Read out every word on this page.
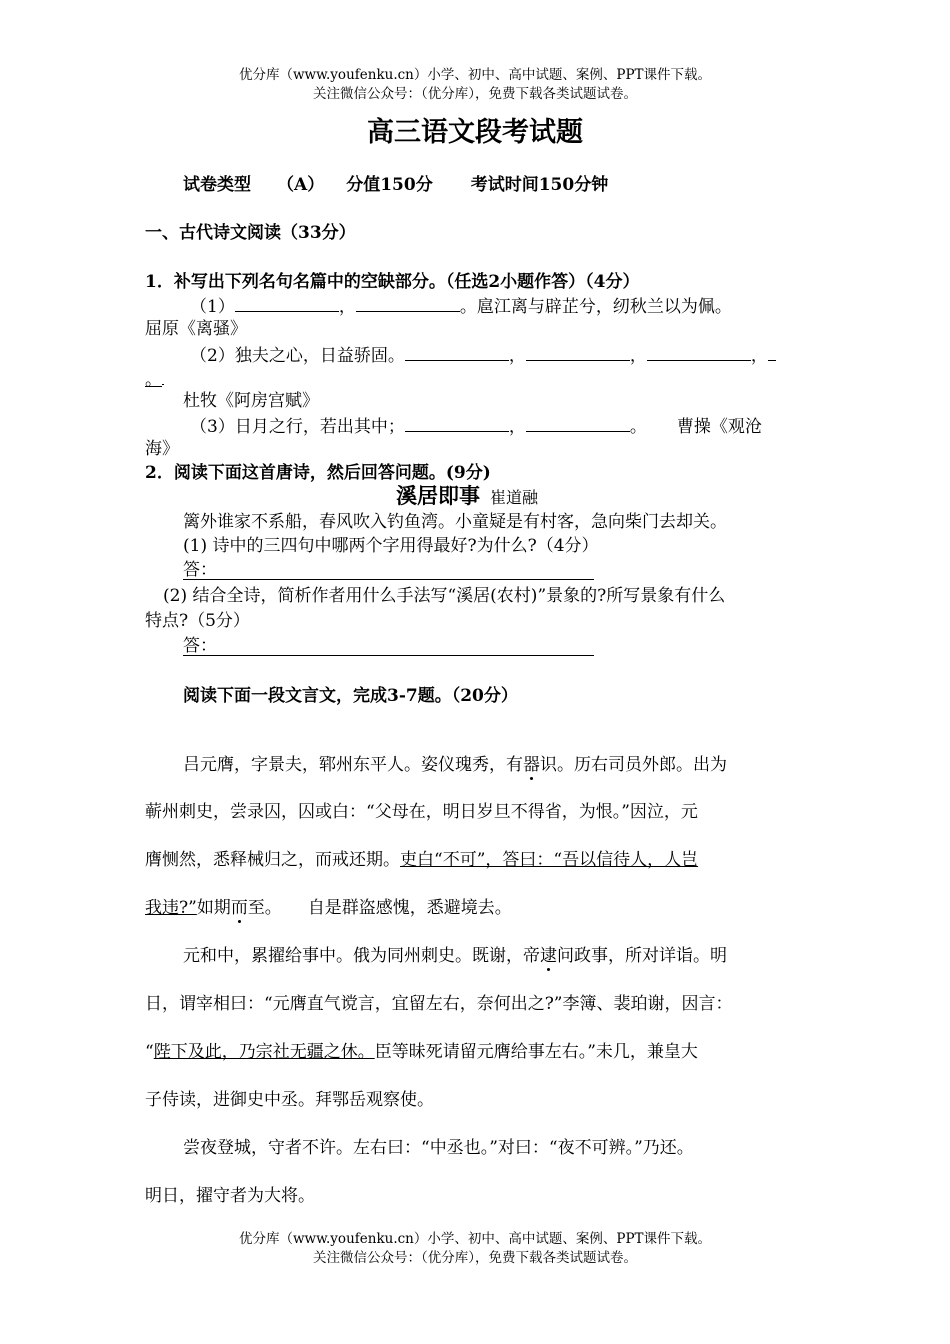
优分库（www.youfenku.cn）小学、初中、高中试题、案例、PPT课件下载。
关注微信公众号：（优分库），免费下载各类试题试卷。
高三语文段考试题
试卷类型 （A） 分值150分 考试时间150分钟
一、古代诗文阅读（33分）
1．补写出下列名句名篇中的空缺部分。（任选2小题作答）（4分）
（1）	，	。扈江离与辟芷兮，纫秋兰以为佩。
屈原《离骚》
（2）独夫之心，日益骄固。	，	，	，
。
杜牧《阿房宫赋》
（3）日月之行，若出其中；	，	。 曹操《观沧
海》
2．阅读下面这首唐诗，然后回答问题。(9分)
溪居即事 崔道融
篱外谁家不系船，春风吹入钓鱼湾。小童疑是有村客，急向柴门去却关。
(1) 诗中的三四句中哪两个字用得最好?为什么?（4分）
答：
(2) 结合全诗，简析作者用什么手法写“溪居(农村)”景象的?所写景象有什么
特点?（5分）
答：
阅读下面一段文言文，完成3-7题。（20分）
吕元膺，字景夫，郓州东平人。姿仪瑰秀，有器识。历右司员外郎。出为
蕲州刺史，尝录囚，囚或白：“父母在，明日岁旦不得省，为恨。”因泣，元
膺恻然，悉释械归之，而戒还期。吏白“不可”，答曰：“吾以信待人，人岂
我违?”如期而至。 自是群盗感愧，悉避境去。
元和中，累擢给事中。俄为同州刺史。既谢，帝逮问政事，所对详诣。明
日，谓宰相曰：“元膺直气谠言，宜留左右，奈何出之?”李簿、裴珀谢，因言：
“陛下及此，乃宗社无疆之休。臣等昧死请留元膺给事左右。”未几，兼皇大
子侍读，进御史中丞。拜鄂岳观察使。
尝夜登城，守者不许。左右曰：“中丞也。”对曰：“夜不可辨。”乃还。
明日，擢守者为大将。
优分库（www.youfenku.cn）小学、初中、高中试题、案例、PPT课件下载。
关注微信公众号：（优分库），免费下载各类试题试卷。
